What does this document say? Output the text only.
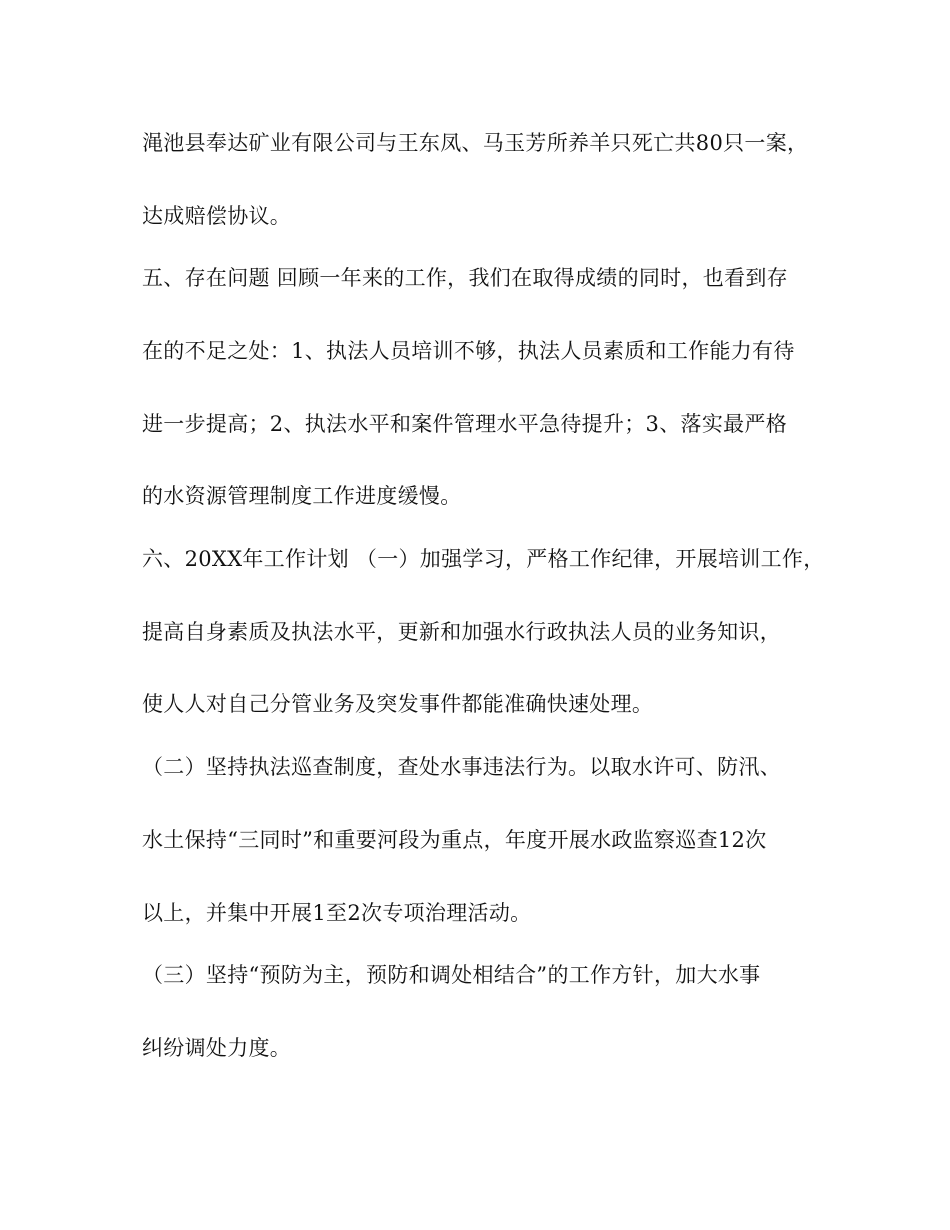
渑池县奉达矿业有限公司与王东凤、马玉芳所养羊只死亡共80只一案，
达成赔偿协议。
五、存在问题 回顾一年来的工作，我们在取得成绩的同时，也看到存
在的不足之处：1、执法人员培训不够，执法人员素质和工作能力有待
进一步提高；2、执法水平和案件管理水平急待提升；3、落实最严格
的水资源管理制度工作进度缓慢。
六、20XX年工作计划 （一）加强学习，严格工作纪律，开展培训工作，
提高自身素质及执法水平，更新和加强水行政执法人员的业务知识，
使人人对自己分管业务及突发事件都能准确快速处理。
（二）坚持执法巡查制度，查处水事违法行为。以取水许可、防汛、
水土保持“三同时”和重要河段为重点，年度开展水政监察巡查12次
以上，并集中开展1至2次专项治理活动。
（三）坚持“预防为主，预防和调处相结合”的工作方针，加大水事
纠纷调处力度。
